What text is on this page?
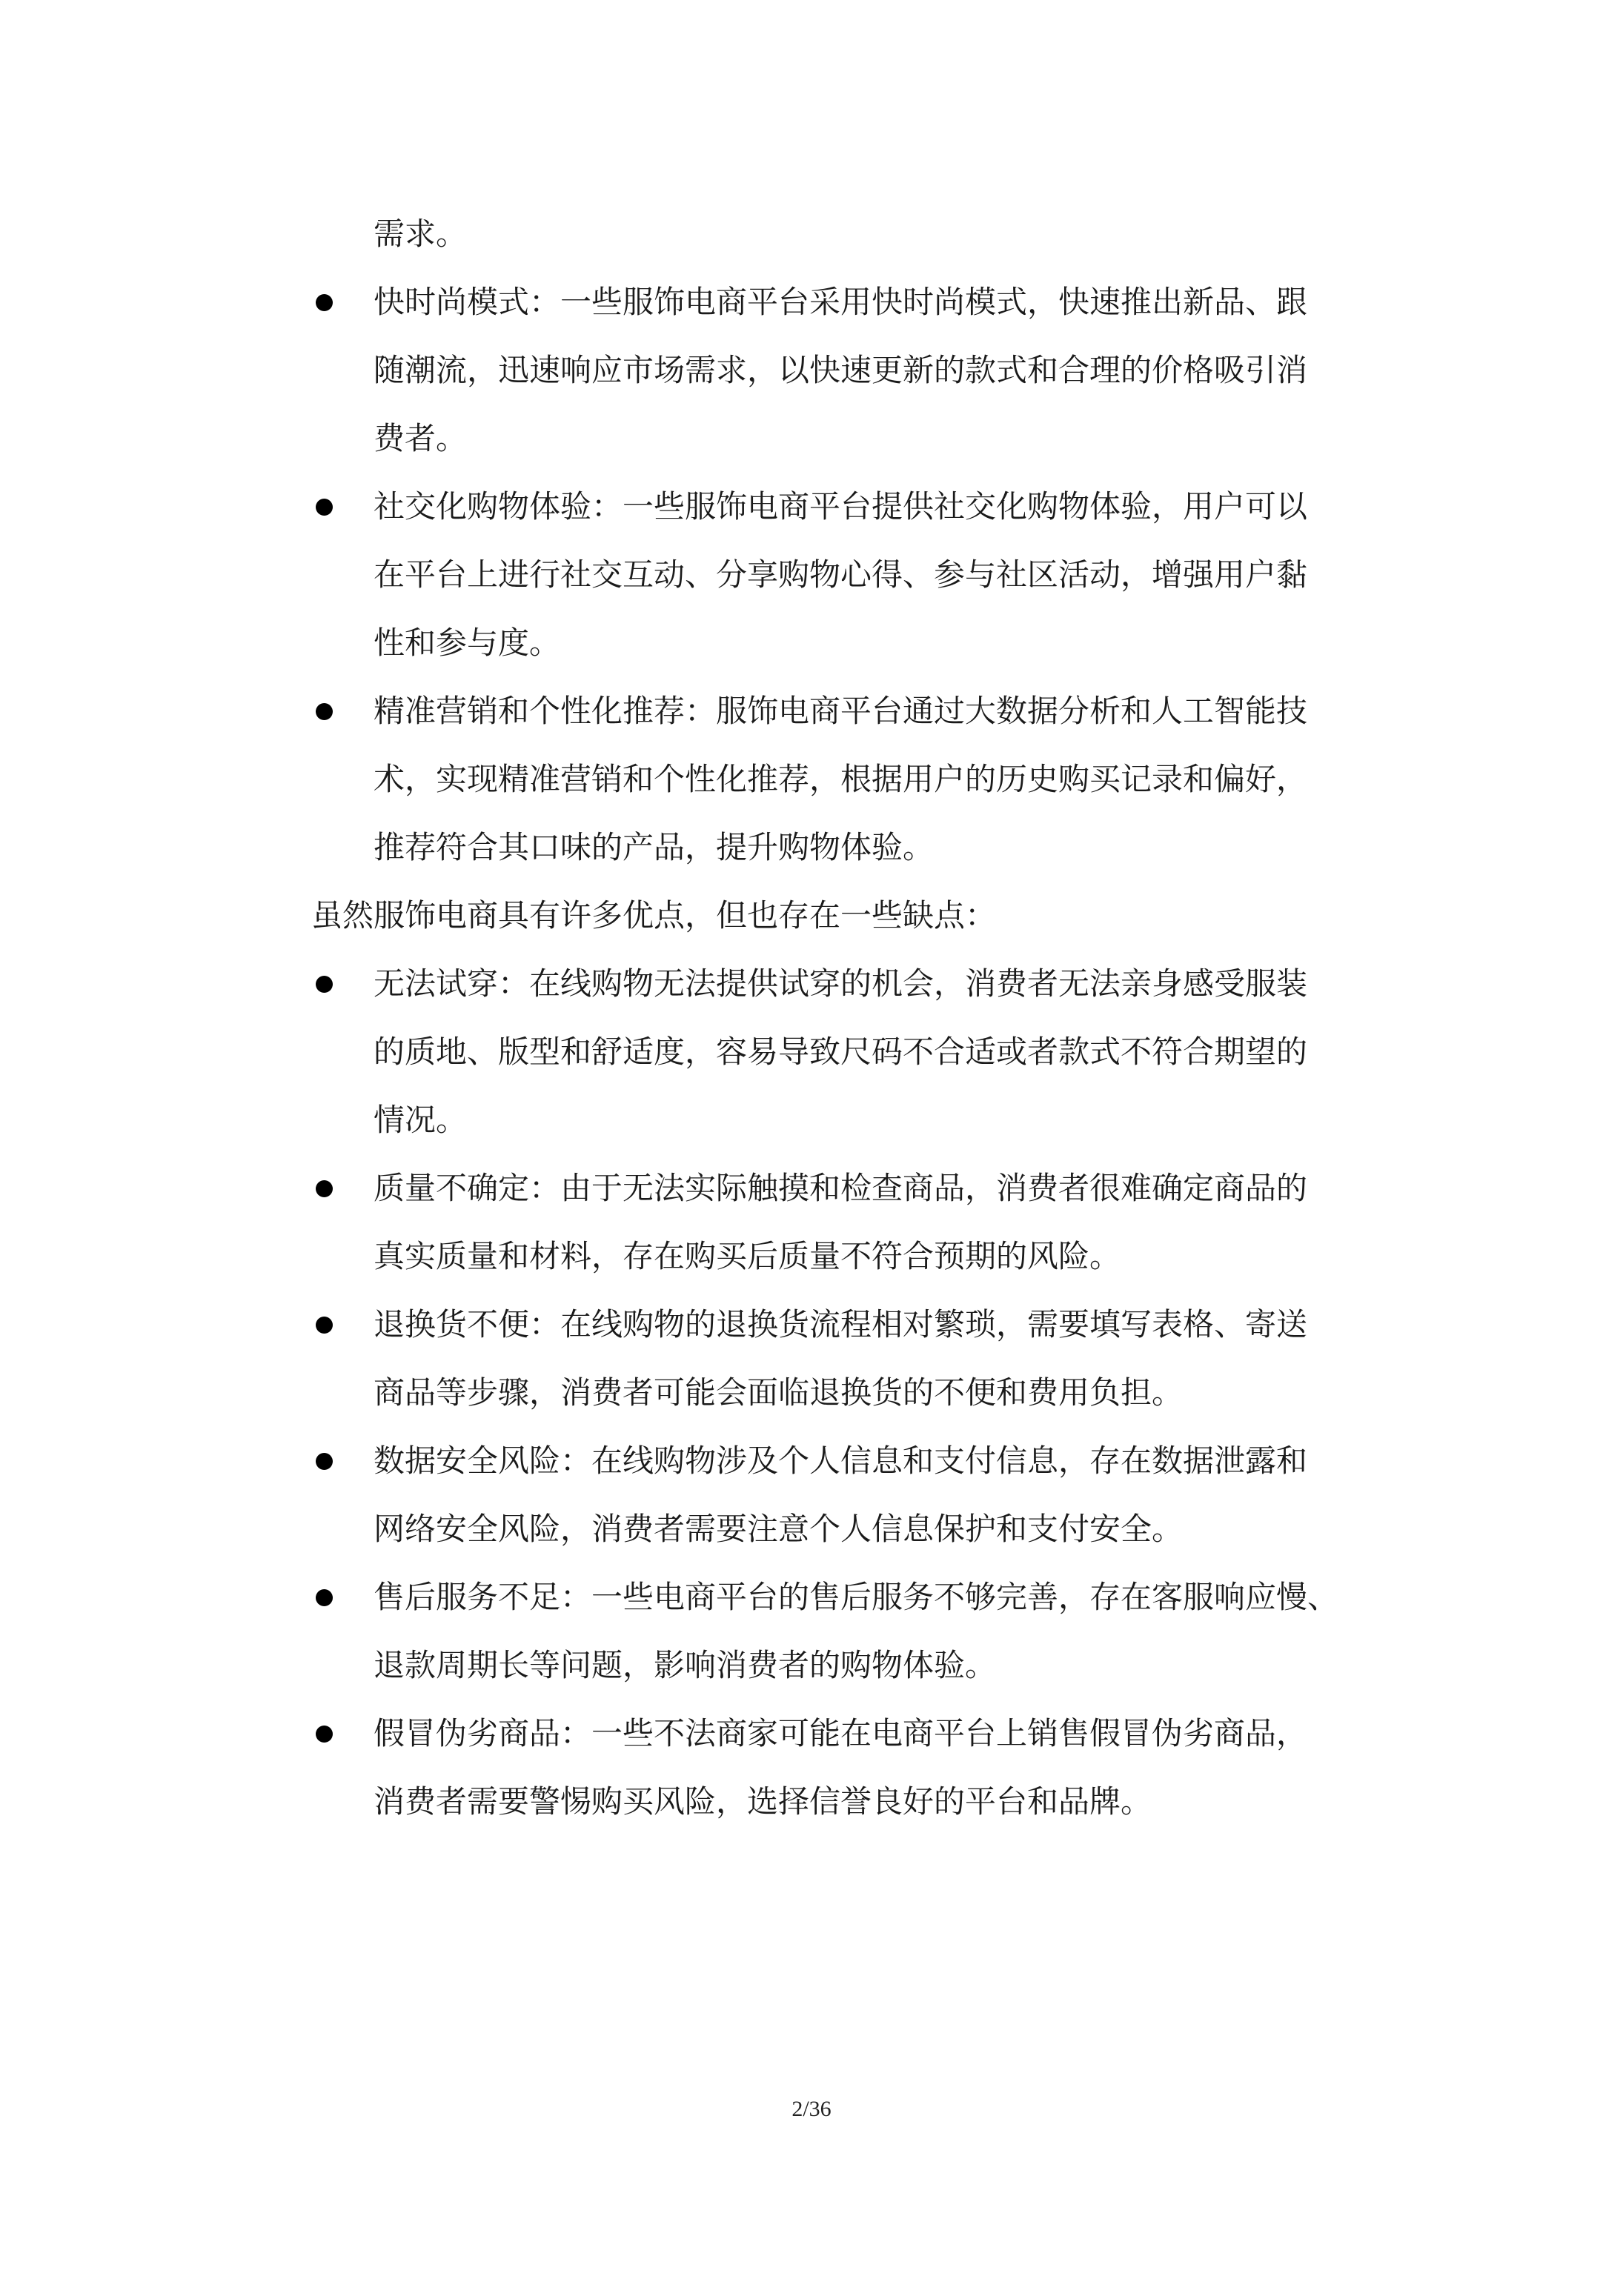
需求。

快时尚模式：一些服饰电商平台采用快时尚模式，快速推出新品、跟

随潮流，迅速响应市场需求，以快速更新的款式和合理的价格吸引消

费者。

社交化购物体验：一些服饰电商平台提供社交化购物体验，用户可以

在平台上进行社交互动、分享购物心得、参与社区活动，增强用户黏

性和参与度。

精准营销和个性化推荐：服饰电商平台通过大数据分析和人工智能技

术，实现精准营销和个性化推荐，根据用户的历史购买记录和偏好，

推荐符合其口味的产品，提升购物体验。

虽然服饰电商具有许多优点，但也存在一些缺点：

无法试穿：在线购物无法提供试穿的机会，消费者无法亲身感受服装

的质地、版型和舒适度，容易导致尺码不合适或者款式不符合期望的

情况。

质量不确定：由于无法实际触摸和检查商品，消费者很难确定商品的

真实质量和材料，存在购买后质量不符合预期的风险。

退换货不便：在线购物的退换货流程相对繁琐，需要填写表格、寄送

商品等步骤，消费者可能会面临退换货的不便和费用负担。

数据安全风险：在线购物涉及个人信息和支付信息，存在数据泄露和

网络安全风险，消费者需要注意个人信息保护和支付安全。

售后服务不足：一些电商平台的售后服务不够完善，存在客服响应慢、

退款周期长等问题，影响消费者的购物体验。

假冒伪劣商品：一些不法商家可能在电商平台上销售假冒伪劣商品，

消费者需要警惕购买风险，选择信誉良好的平台和品牌。

2/36
